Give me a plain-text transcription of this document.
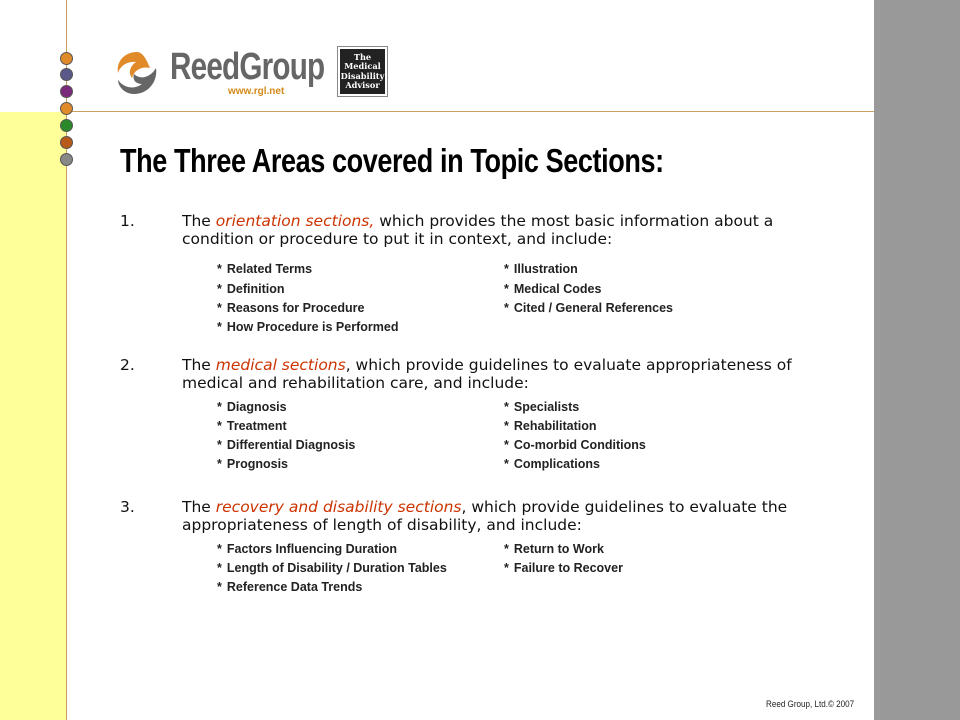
ReedGroup
www.rgl.net
The
Medical
Disability
Advisor
The Three Areas covered in Topic Sections:
1.	The orientation sections, which provides the most basic information about a condition or procedure to put it in context, and include:
* Related Terms
* Definition
* Reasons for Procedure
* How Procedure is Performed
* Illustration
* Medical Codes
* Cited / General References
2.	The medical sections, which provide guidelines to evaluate appropriateness of medical and rehabilitation care, and include:
* Diagnosis
* Treatment
* Differential Diagnosis
* Prognosis
* Specialists
* Rehabilitation
* Co-morbid Conditions
* Complications
3.	The recovery and disability sections, which provide guidelines to evaluate the appropriateness of length of disability, and include:
* Factors Influencing Duration
* Length of Disability / Duration Tables
* Reference Data Trends
* Return to Work
* Failure to Recover
Reed Group, Ltd.© 2007
